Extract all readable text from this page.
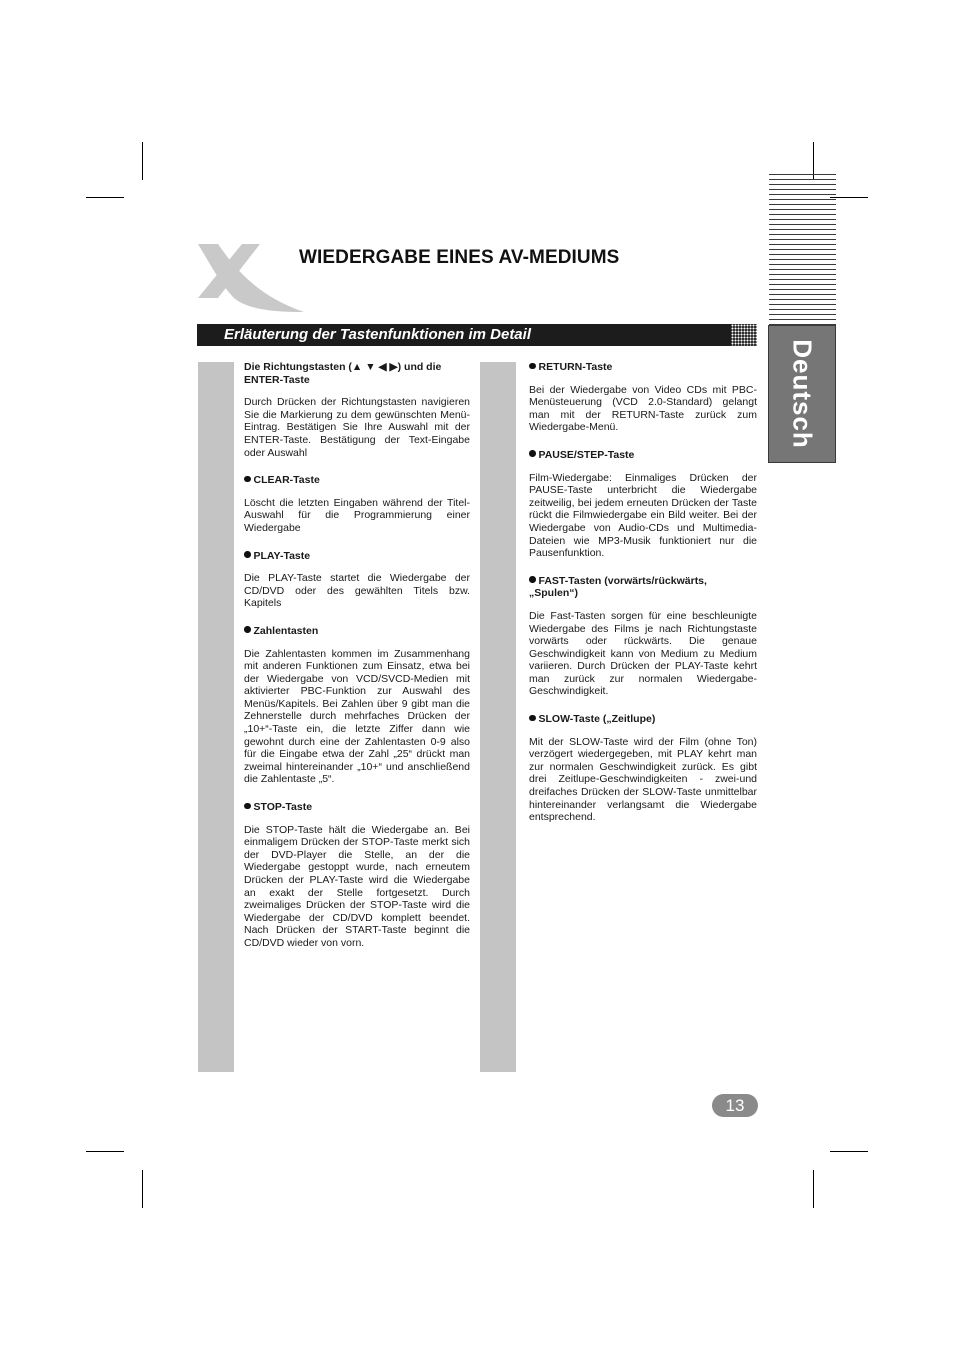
WIEDERGABE EINES AV-MEDIUMS
Erläuterung der Tastenfunktionen im Detail
Deutsch
Die Richtungstasten (▲ ▼ ◀ ▶) und die ENTER-Taste

Durch Drücken der Richtungstasten navigieren Sie die Markierung zu dem gewünschten Menü-Eintrag. Bestätigen Sie Ihre Auswahl mit der ENTER-Taste. Bestätigung der Text-Eingabe oder Auswahl

CLEAR-Taste

Löscht die letzten Eingaben während der Titel-Auswahl für die Programmierung einer Wiedergabe

PLAY-Taste

Die PLAY-Taste startet die Wiedergabe der CD/DVD oder des gewählten Titels bzw. Kapitels

Zahlentasten

Die Zahlentasten kommen im Zusammenhang mit anderen Funktionen zum Einsatz, etwa bei der Wiedergabe von VCD/SVCD-Medien mit aktivierter PBC-Funktion zur Auswahl des Menüs/Kapitels. Bei Zahlen über 9 gibt man die Zehnerstelle durch mehrfaches Drücken der „10+“-Taste ein, die letzte Ziffer dann wie gewohnt durch eine der Zahlentasten 0-9 also für die Eingabe etwa der Zahl „25“ drückt man zweimal hintereinander „10+“ und anschließend die Zahlentaste „5“.

STOP-Taste

Die STOP-Taste hält die Wiedergabe an. Bei einmaligem Drücken der STOP-Taste merkt sich der DVD-Player die Stelle, an der die Wiedergabe gestoppt wurde, nach erneutem Drücken der PLAY-Taste wird die Wiedergabe an exakt der Stelle fortgesetzt. Durch zweimaliges Drücken der STOP-Taste wird die Wiedergabe der CD/DVD komplett beendet. Nach Drücken der START-Taste beginnt die CD/DVD wieder von vorn.

RETURN-Taste

Bei der Wiedergabe von Video CDs mit PBC-Menüsteuerung (VCD 2.0-Standard) gelangt man mit der RETURN-Taste zurück zum Wiedergabe-Menü.

PAUSE/STEP-Taste

Film-Wiedergabe: Einmaliges Drücken der PAUSE-Taste unterbricht die Wiedergabe zeitweilig, bei jedem erneuten Drücken der Taste rückt die Filmwiedergabe ein Bild weiter. Bei der Wiedergabe von Audio-CDs und Multimedia-Dateien wie MP3-Musik funktioniert nur die Pausenfunktion.

FAST-Tasten (vorwärts/rückwärts, „Spulen“)

Die Fast-Tasten sorgen für eine beschleunigte Wiedergabe des Films je nach Richtungstaste vorwärts oder rückwärts. Die genaue Geschwindigkeit kann von Medium zu Medium variieren. Durch Drücken der PLAY-Taste kehrt man zurück zur normalen Wiedergabe-Geschwindigkeit.

SLOW-Taste („Zeitlupe)

Mit der SLOW-Taste wird der Film (ohne Ton) verzögert wiedergegeben, mit PLAY kehrt man zur normalen Geschwindigkeit zurück. Es gibt drei Zeitlupe-Geschwindigkeiten - zwei-und dreifaches Drücken der SLOW-Taste unmittelbar hintereinander verlangsamt die Wiedergabe entsprechend.

13
